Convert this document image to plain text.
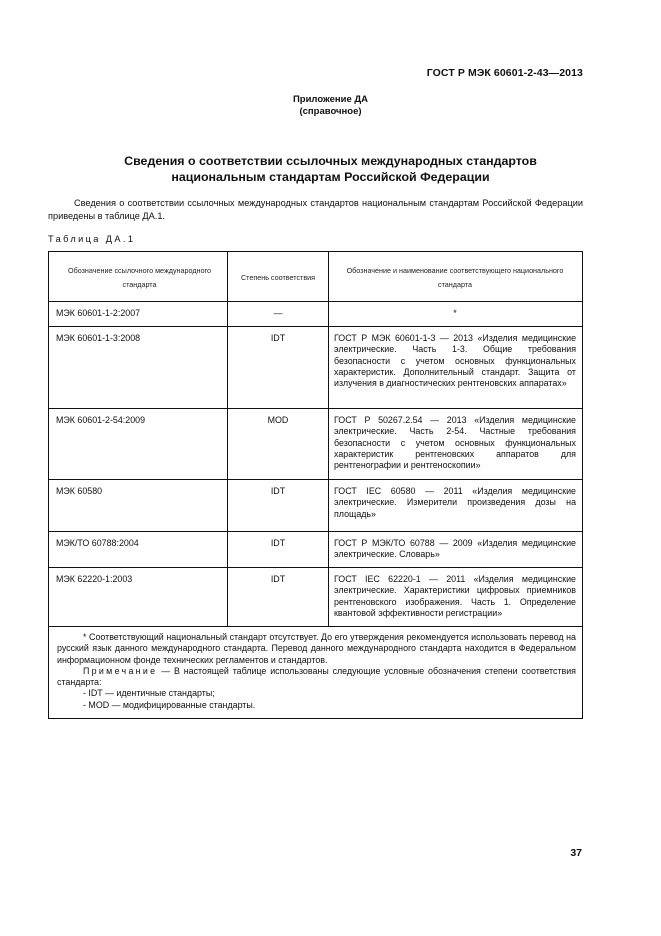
ГОСТ Р МЭК 60601-2-43—2013
Приложение ДА
(справочное)
Сведения о соответствии ссылочных международных стандартов
национальным стандартам Российской Федерации
Сведения о соответствии ссылочных международных стандартов национальным стандартам Российской Федерации приведены в таблице ДА.1.
Таблица ДА.1
Обозначение ссылочного международного стандарта	Степень соответствия	Обозначение и наименование соответствующего национального стандарта
МЭК 60601-1-2:2007	—	*
МЭК 60601-1-3:2008	IDT	ГОСТ Р МЭК 60601-1-3 — 2013 «Изделия медицинские электрические. Часть 1-3. Общие требования безопасности с учетом основных функциональных характеристик. Дополнительный стандарт. Защита от излучения в диагностических рентгеновских аппаратах»
МЭК 60601-2-54:2009	MOD	ГОСТ Р 50267.2.54 — 2013 «Изделия медицинские электрические. Часть 2-54. Частные требования безопасности с учетом основных функциональных характеристик рентгеновских аппаратов для рентгенографии и рентгеноскопии»
МЭК 60580	IDT	ГОСТ IEC 60580 — 2011 «Изделия медицинские электрические. Измерители произведения дозы на площадь»
МЭК/ТО 60788:2004	IDT	ГОСТ Р МЭК/ТО 60788 — 2009 «Изделия медицинские электрические. Словарь»
МЭК 62220-1:2003	IDT	ГОСТ IEC 62220-1 — 2011 «Изделия медицинские электрические. Характеристики цифровых приемников рентгеновского изображения. Часть 1. Определение квантовой эффективности регистрации»

* Соответствующий национальный стандарт отсутствует. До его утверждения рекомендуется использовать перевод на русский язык данного международного стандарта. Перевод данного международного стандарта находится в Федеральном информационном фонде технических регламентов и стандартов.

Примечание — В настоящей таблице использованы следующие условные обозначения степени соответствия стандарта:

- IDT — идентичные стандарты;

- MOD — модифицированные стандарты.		

37
